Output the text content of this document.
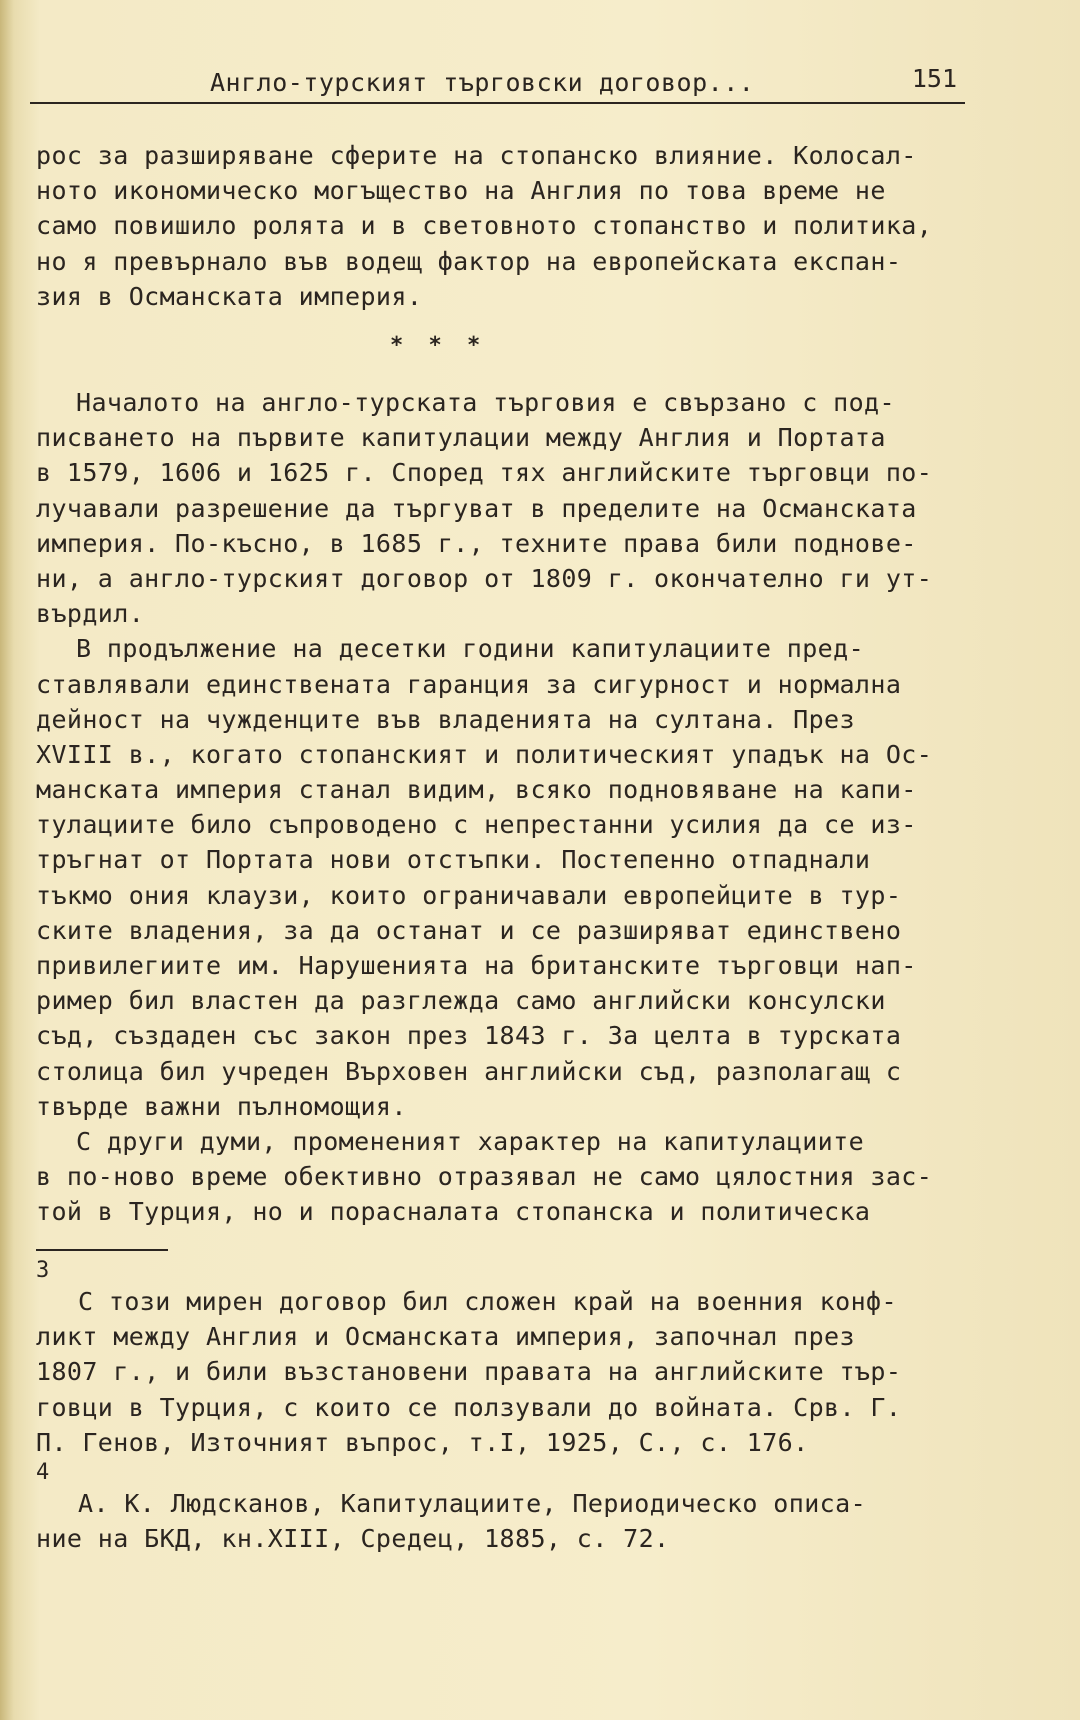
Англо-турският търговски договор...	151
рос за разширяване сферите на стопанско влияние. Колосал-
ното икономическо могъщество на Англия по това време не
само повишило ролята и в световното стопанство и политика,
но я превърнало във водещ фактор на европейската експан-
зия в Османската империя.
* * *
Началото на англо-турската търговия е свързано с под-
писването на първите капитулации между Англия и Портата
в 1579, 1606 и 1625 г. Според тях английските търговци по-
лучавали разрешение да търгуват в пределите на Османската
империя. По-късно, в 1685 г., техните права били поднове-
ни, а англо-турският договор от 1809 г. окончателно ги ут-
върдил.
В продължение на десетки години капитулациите пред-
ставлявали единствената гаранция за сигурност и нормална
дейност на чужденците във владенията на султана. През
XVIII в., когато стопанският и политическият упадък на Ос-
манската империя станал видим, всяко подновяване на капи-
тулациите било съпроводено с непрестанни усилия да се из-
тръгнат от Портата нови отстъпки. Постепенно отпаднали
тъкмо ония клаузи, които ограничавали европейците в тур-
ските владения, за да останат и се разширяват единствено
привилегиите им. Нарушенията на британските търговци нап-
ример бил властен да разглежда само английски консулски
съд, създаден със закон през 1843 г. За целта в турската
столица бил учреден Върховен английски съд, разполагащ с
твърде важни пълномощия.
С други думи, промененият характер на капитулациите
в по-ново време обективно отразявал не само цялостния зас-
той в Турция, но и порасналата стопанска и политическа
3
С този мирен договор бил сложен край на военния конф-
ликт между Англия и Османската империя, започнал през
1807 г., и били възстановени правата на английските тър-
говци в Турция, с които се ползували до войната. Срв. Г.
П. Генов, Източният въпрос, т.I, 1925, С., с. 176.
4
А. К. Людсканов, Капитулациите, Периодическо описа-
ние на БКД, кн.XIII, Средец, 1885, с. 72.
